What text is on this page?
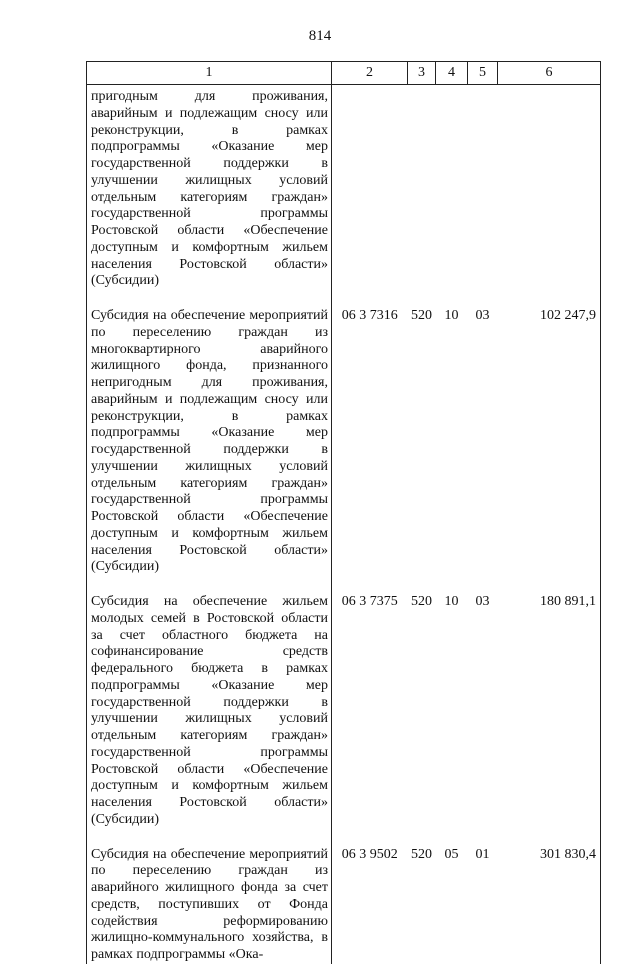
814
1	2	3	4	5	6
пригодным для проживания, аварийным и подлежащим сносу или реконструкции, в рамках подпрограммы «Оказание мер государственной поддержки в улучшении жилищных условий отдельным категориям граждан» государственной программы Ростовской области «Обеспечение доступным и комфортным жильем населения Ростовской области» (Субсидии)					
Субсидия на обеспечение мероприятий по переселению граждан из многоквартирного аварийного жилищного фонда, признанного непригодным для проживания, аварийным и подлежащим сносу или реконструкции, в рамках подпрограммы «Оказание мер государственной поддержки в улучшении жилищных условий отдельным категориям граждан» государственной программы Ростовской области «Обеспечение доступным и комфортным жильем населения Ростовской области» (Субсидии)	06 3 7316	520	10	03	102 247,9
Субсидия на обеспечение жильем молодых семей в Ростовской области за счет областного бюджета на софинансирование средств федерального бюджета в рамках подпрограммы «Оказание мер государственной поддержки в улучшении жилищных условий отдельным категориям граждан» государственной программы Ростовской области «Обеспечение доступным и комфортным жильем населения Ростовской области» (Субсидии)	06 3 7375	520	10	03	180 891,1
Субсидия на обеспечение мероприятий по переселению граждан из аварийного жилищного фонда за счет средств, поступивших от Фонда содействия реформированию жилищно-коммунального хозяйства, в рамках подпрограммы «Ока-	06 3 9502	520	05	01	301 830,4
